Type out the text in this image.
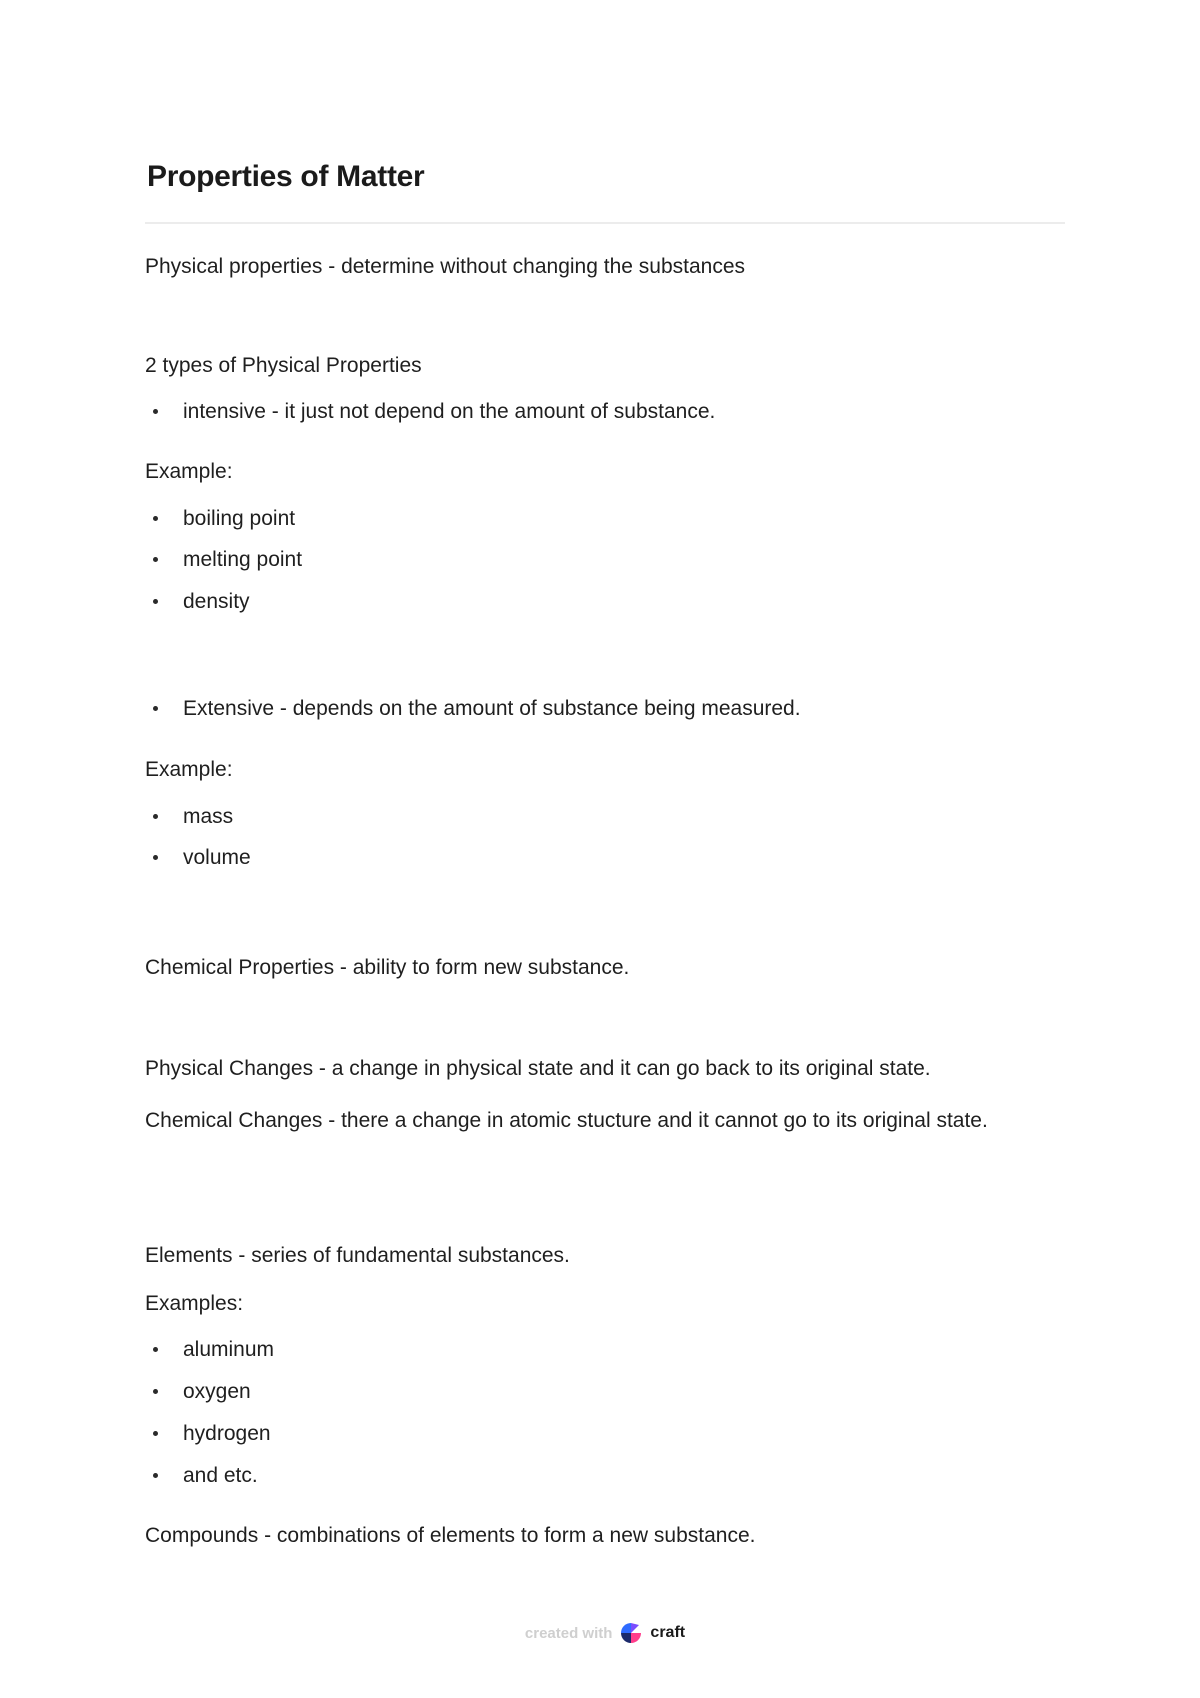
Properties of Matter
Physical properties - determine without changing the substances
2 types of Physical Properties
intensive - it just not depend on the amount of substance.
Example:
boiling point
melting point
density
Extensive - depends on the amount of substance being measured.
Example:
mass
volume
Chemical Properties - ability to form new substance.
Physical Changes - a change in physical state and it can go back to its original state.
Chemical Changes - there a change in atomic stucture and it cannot go to its original state.
Elements - series of fundamental substances.
Examples:
aluminum
oxygen
hydrogen
and etc.
Compounds - combinations of elements to form a new substance.
created with craft
